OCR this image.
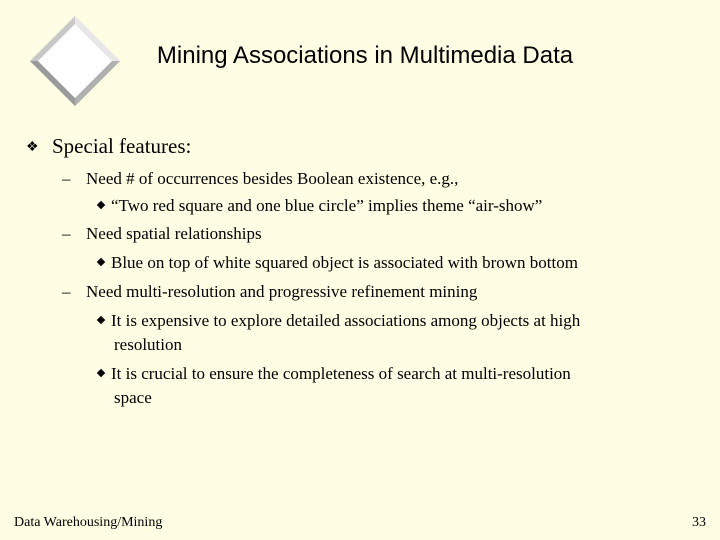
Mining Associations in Multimedia Data
❖ Special features:
– Need # of occurrences besides Boolean existence, e.g.,
“Two red square and one blue circle” implies theme “air-show”
– Need spatial relationships
Blue on top of white squared object is associated with brown bottom
– Need multi-resolution and progressive refinement mining
It is expensive to explore detailed associations among objects at high
resolution
It is crucial to ensure the completeness of search at multi-resolution
space
Data Warehousing/Mining	33
